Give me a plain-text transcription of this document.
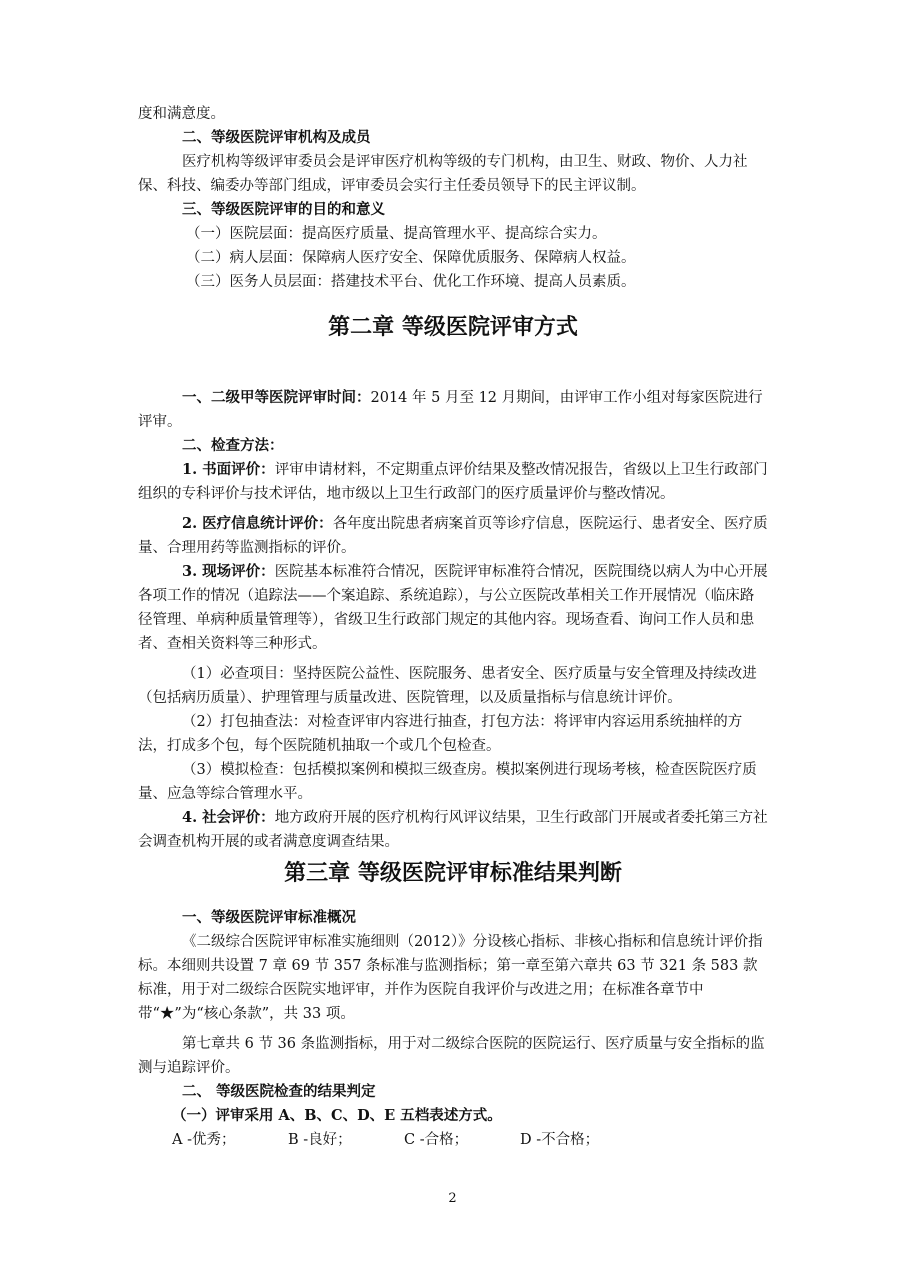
度和满意度。

二、等级医院评审机构及成员

医疗机构等级评审委员会是评审医疗机构等级的专门机构，由卫生、财政、物价、人力社保、科技、编委办等部门组成，评审委员会实行主任委员领导下的民主评议制。

三、等级医院评审的目的和意义

（一）医院层面：提高医疗质量、提高管理水平、提高综合实力。

（二）病人层面：保障病人医疗安全、保障优质服务、保障病人权益。

（三）医务人员层面：搭建技术平台、优化工作环境、提高人员素质。

第二章 等级医院评审方式

一、二级甲等医院评审时间：2014 年 5 月至 12 月期间，由评审工作小组对每家医院进行评审。

二、检查方法：

1. 书面评价：评审申请材料，不定期重点评价结果及整改情况报告，省级以上卫生行政部门组织的专科评价与技术评估，地市级以上卫生行政部门的医疗质量评价与整改情况。

2. 医疗信息统计评价：各年度出院患者病案首页等诊疗信息，医院运行、患者安全、医疗质量、合理用药等监测指标的评价。

3. 现场评价：医院基本标准符合情况，医院评审标准符合情况，医院围绕以病人为中心开展各项工作的情况（追踪法——个案追踪、系统追踪），与公立医院改革相关工作开展情况（临床路径管理、单病种质量管理等），省级卫生行政部门规定的其他内容。现场查看、询问工作人员和患者、查相关资料等三种形式。

（1）必查项目：坚持医院公益性、医院服务、患者安全、医疗质量与安全管理及持续改进（包括病历质量）、护理管理与质量改进、医院管理，以及质量指标与信息统计评价。

（2）打包抽查法：对检查评审内容进行抽查，打包方法：将评审内容运用系统抽样的方法，打成多个包，每个医院随机抽取一个或几个包检查。

（3）模拟检查：包括模拟案例和模拟三级查房。模拟案例进行现场考核，检查医院医疗质量、应急等综合管理水平。

4. 社会评价：地方政府开展的医疗机构行风评议结果，卫生行政部门开展或者委托第三方社会调查机构开展的或者满意度调查结果。

第三章 等级医院评审标准结果判断

一、等级医院评审标准概况

《二级综合医院评审标准实施细则（2012）》分设核心指标、非核心指标和信息统计评价指标。本细则共设置 7 章 69 节 357 条标准与监测指标；第一章至第六章共 63 节 321 条 583 款标准，用于对二级综合医院实地评审，并作为医院自我评价与改进之用；在标准各章节中带“★”为“核心条款”，共 33 项。

第七章共 6 节 36 条监测指标，用于对二级综合医院的医院运行、医疗质量与安全指标的监测与追踪评价。

二、 等级医院检查的结果判定

（一）评审采用 A、B、C、D、E 五档表述方式。

A -优秀；	B -良好；	C -合格；	D -不合格；

2
